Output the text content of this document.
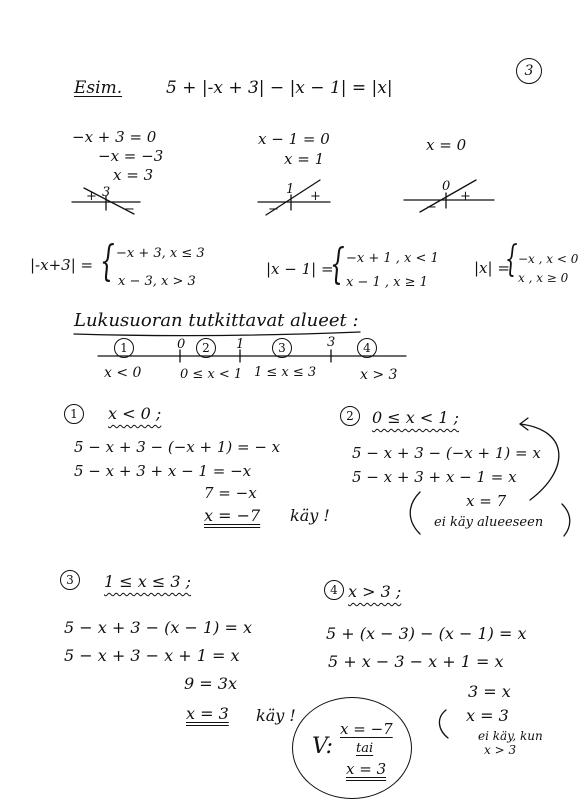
3
Esim.	5 + |-x + 3| − |x − 1| = |x|
−x + 3 = 0
−x = −3
x = 3
x − 1 = 0
x = 1
x = 0
3
+
−
1
−
+
0
−
+
|-x+3| = { −x + 3, x ≤ 3
x − 3, x > 3
|x − 1| =
{ −x + 1 , x < 1
x − 1 , x ≥ 1
|x| =
{ −x , x < 0
x , x ≥ 0
Lukusuoran tutkittavat alueet :
1	2	3	4
0	1	3
x < 0	0 ≤ x < 1 1 ≤ x ≤ 3	x > 3
1	x < 0 ;
5 − x + 3 − (−x + 1) = − x
5 − x + 3 + x − 1 = −x
7 = −x
x = −7 käy !
2	0 ≤ x < 1 ;
5 − x + 3 − (−x + 1) = x
5 − x + 3 + x − 1 = x
x = 7
ei käy alueeseen
3	1 ≤ x ≤ 3 ;
5 − x + 3 − (x − 1) = x
5 − x + 3 − x + 1 = x
9 = 3x
x = 3 käy !
4 x > 3 ;
5 + (x − 3) − (x − 1) = x
5 + x − 3 − x + 1 = x
3 = x
x = 3
ei käy, kun
x > 3
V:
x = −7
tai
x = 3
